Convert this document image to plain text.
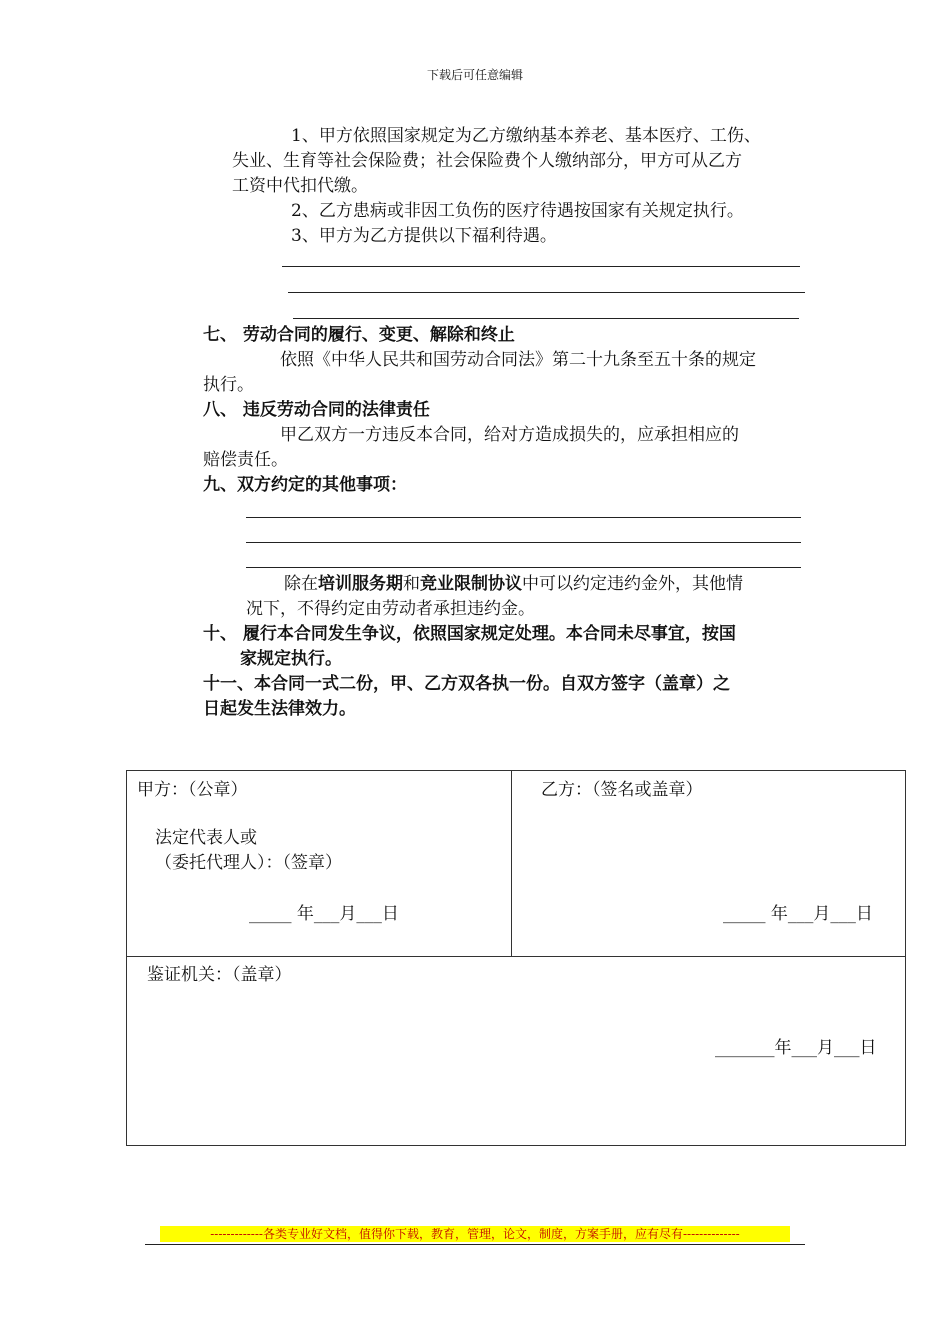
下载后可任意编辑
1、甲方依照国家规定为乙方缴纳基本养老、基本医疗、工伤、
失业、生育等社会保险费；社会保险费个人缴纳部分，甲方可从乙方
工资中代扣代缴。
2、乙方患病或非因工负伤的医疗待遇按国家有关规定执行。
3、甲方为乙方提供以下福利待遇。
七、 劳动合同的履行、变更、解除和终止
依照《中华人民共和国劳动合同法》第二十九条至五十条的规定
执行。
八、 违反劳动合同的法律责任
甲乙双方一方违反本合同，给对方造成损失的，应承担相应的
赔偿责任。
九、双方约定的其他事项：
除在培训服务期和竞业限制协议中可以约定违约金外，其他情
况下，不得约定由劳动者承担违约金。
十、 履行本合同发生争议，依照国家规定处理。本合同未尽事宜，按国
家规定执行。
十一、本合同一式二份，甲、乙方双各执一份。自双方签字（盖章）之
日起发生法律效力。
甲方：（公章）
法定代表人或
（委托代理人）：（签章）
_____ 年___月___日
乙方：（签名或盖章）
_____ 年___月___日
鉴证机关：（盖章）
_______年___月___日
-------------各类专业好文档，值得你下载，教育，管理，论文，制度，方案手册，应有尽有--------------
